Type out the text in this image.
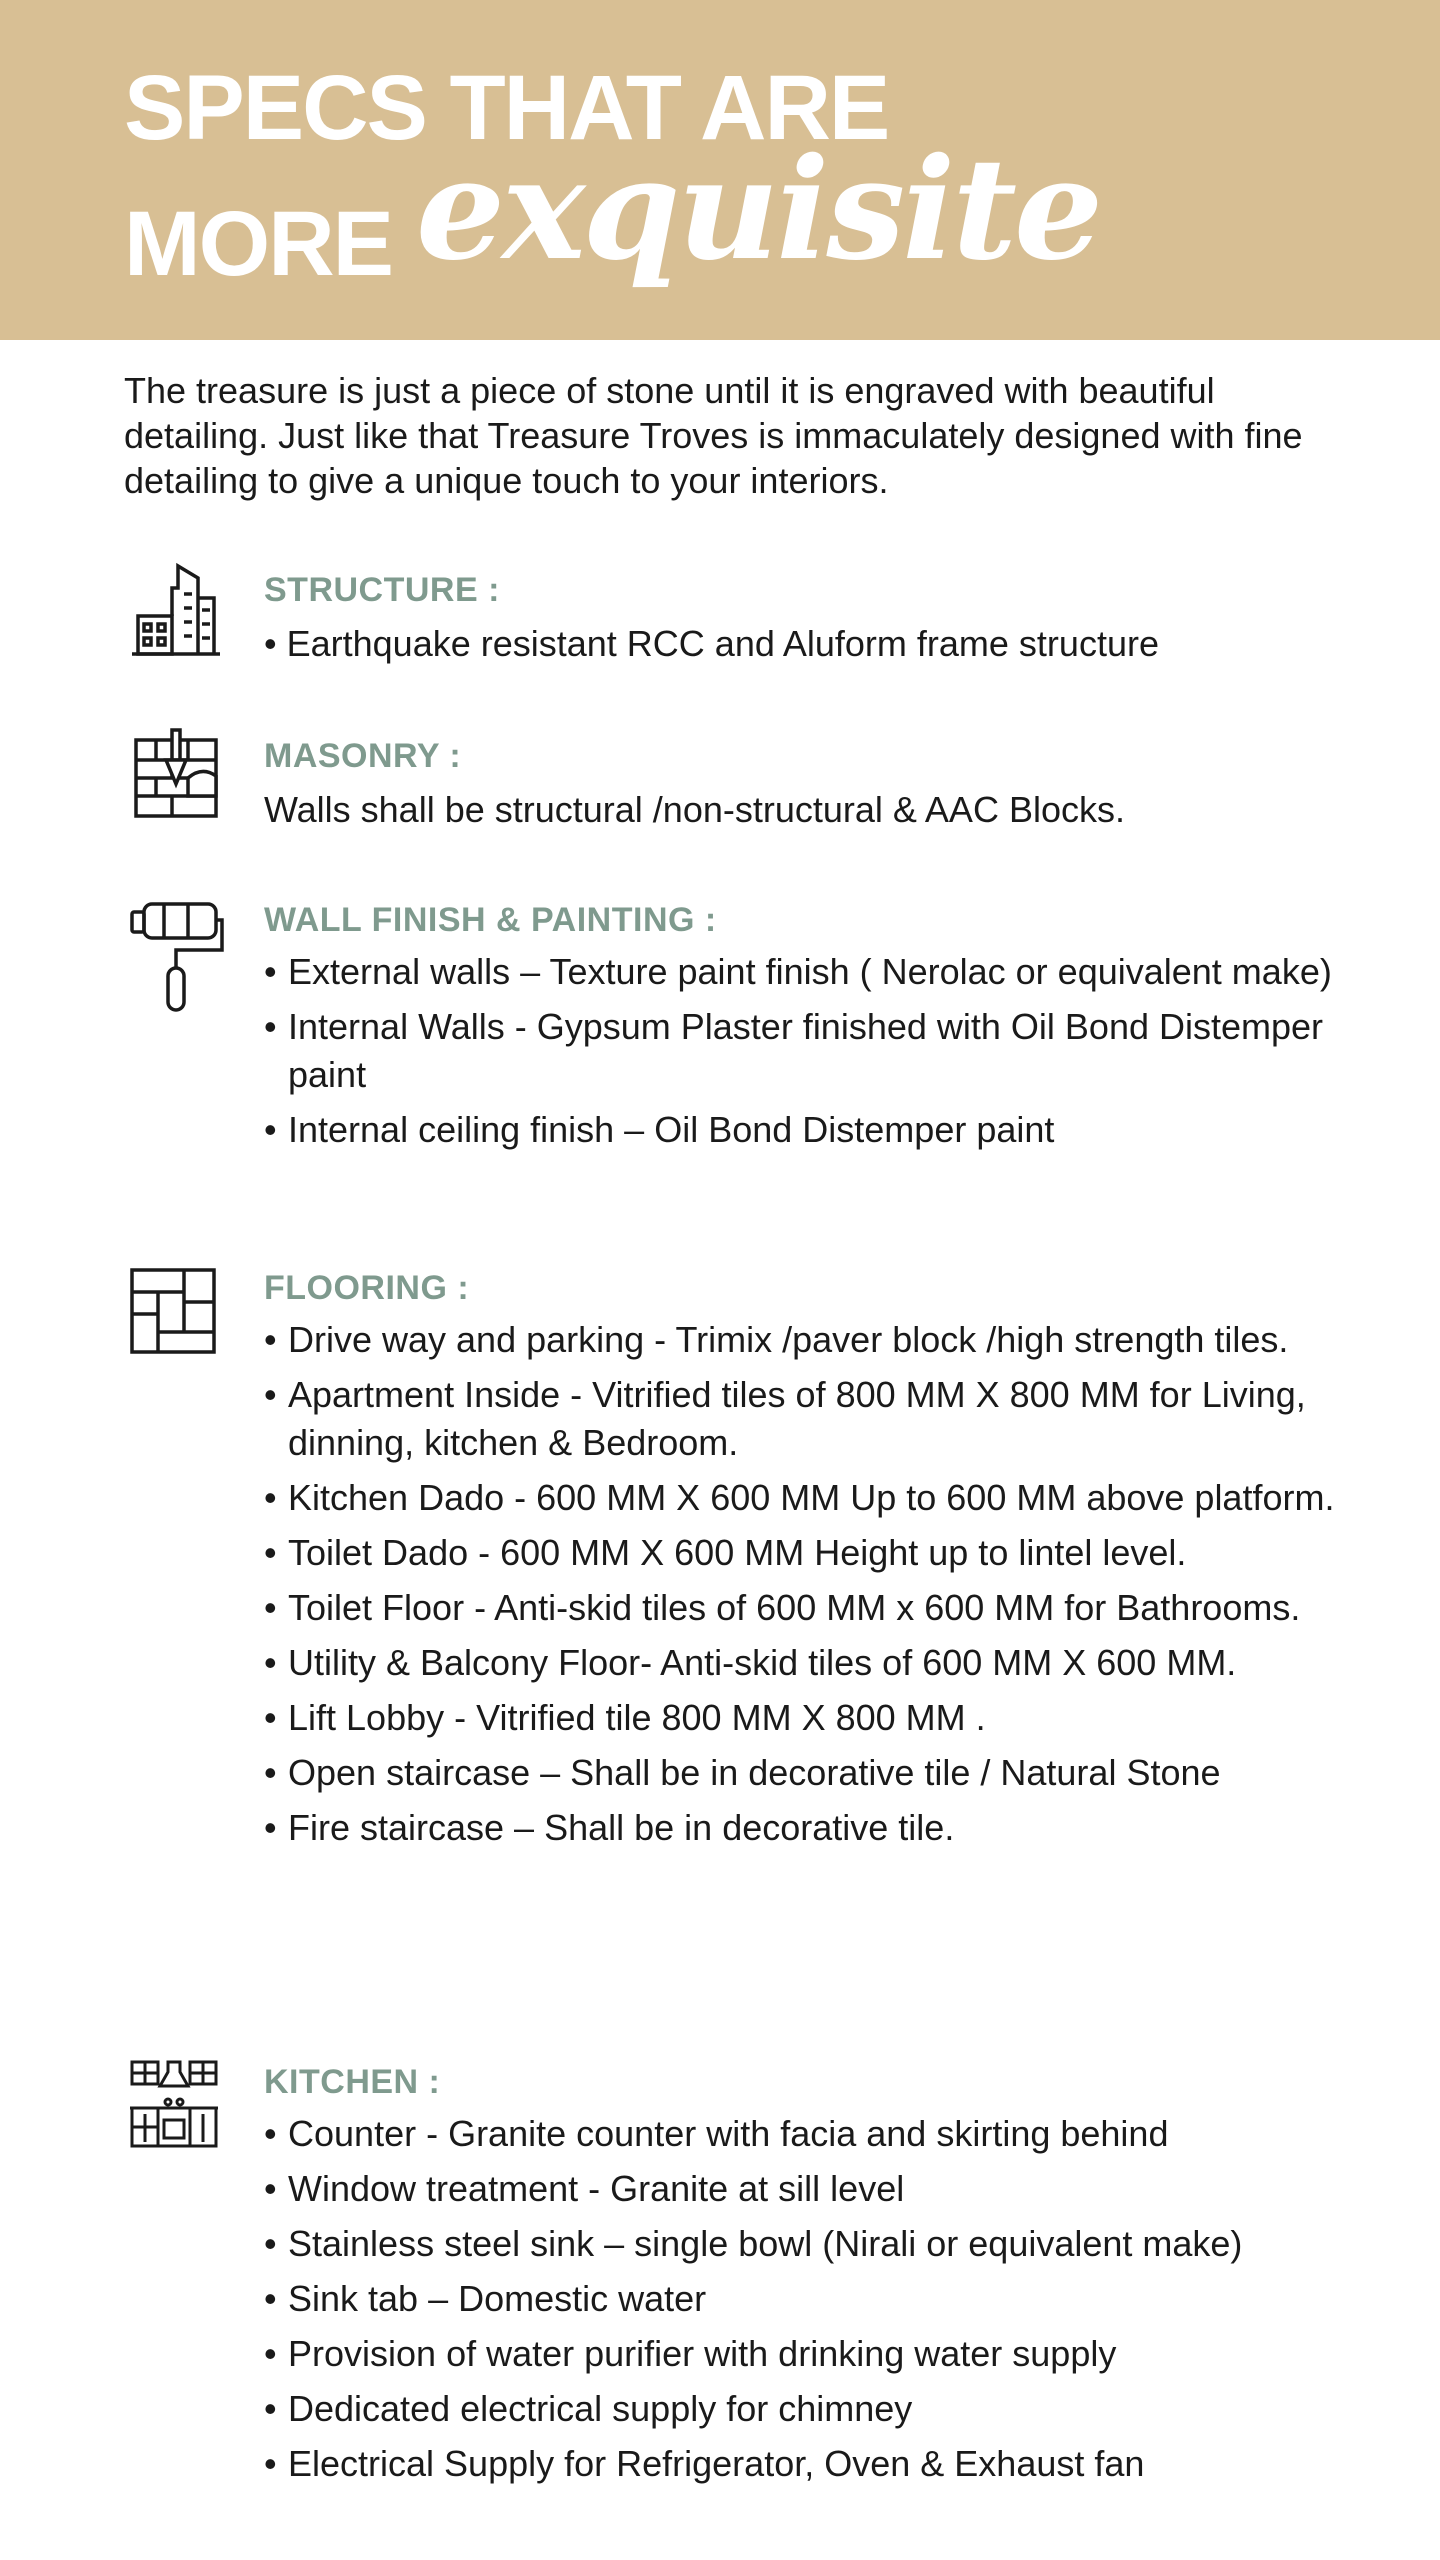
SPECS THAT ARE
MORE exquisite
The treasure is just a piece of stone until it is engraved with beautiful detailing. Just like that Treasure Troves is immaculately designed with fine detailing to give a unique touch to your interiors.
STRUCTURE :
• Earthquake resistant RCC and Aluform frame structure
MASONRY :
Walls shall be structural /non-structural & AAC Blocks.
WALL FINISH & PAINTING :
• External walls – Texture paint finish ( Nerolac or equivalent make)
• Internal Walls - Gypsum Plaster finished with Oil Bond Distemper paint
• Internal ceiling finish – Oil Bond Distemper paint
FLOORING :
• Drive way and parking - Trimix /paver block /high strength tiles.
• Apartment Inside - Vitrified tiles of 800 MM X 800 MM for Living, dinning, kitchen & Bedroom.
• Kitchen Dado - 600 MM X 600 MM Up to 600 MM above platform.
• Toilet Dado - 600 MM X 600 MM Height up to lintel level.
• Toilet Floor - Anti-skid tiles of 600 MM x 600 MM for Bathrooms.
• Utility & Balcony Floor- Anti-skid tiles of 600 MM X 600 MM.
• Lift Lobby - Vitrified tile 800 MM X 800 MM .
• Open staircase – Shall be in decorative tile / Natural Stone
• Fire staircase – Shall be in decorative tile.
KITCHEN :
• Counter - Granite counter with facia and skirting behind
• Window treatment - Granite at sill level
• Stainless steel sink – single bowl (Nirali or equivalent make)
• Sink tab – Domestic water
• Provision of water purifier with drinking water supply
• Dedicated electrical supply for chimney
• Electrical Supply for Refrigerator, Oven & Exhaust fan
